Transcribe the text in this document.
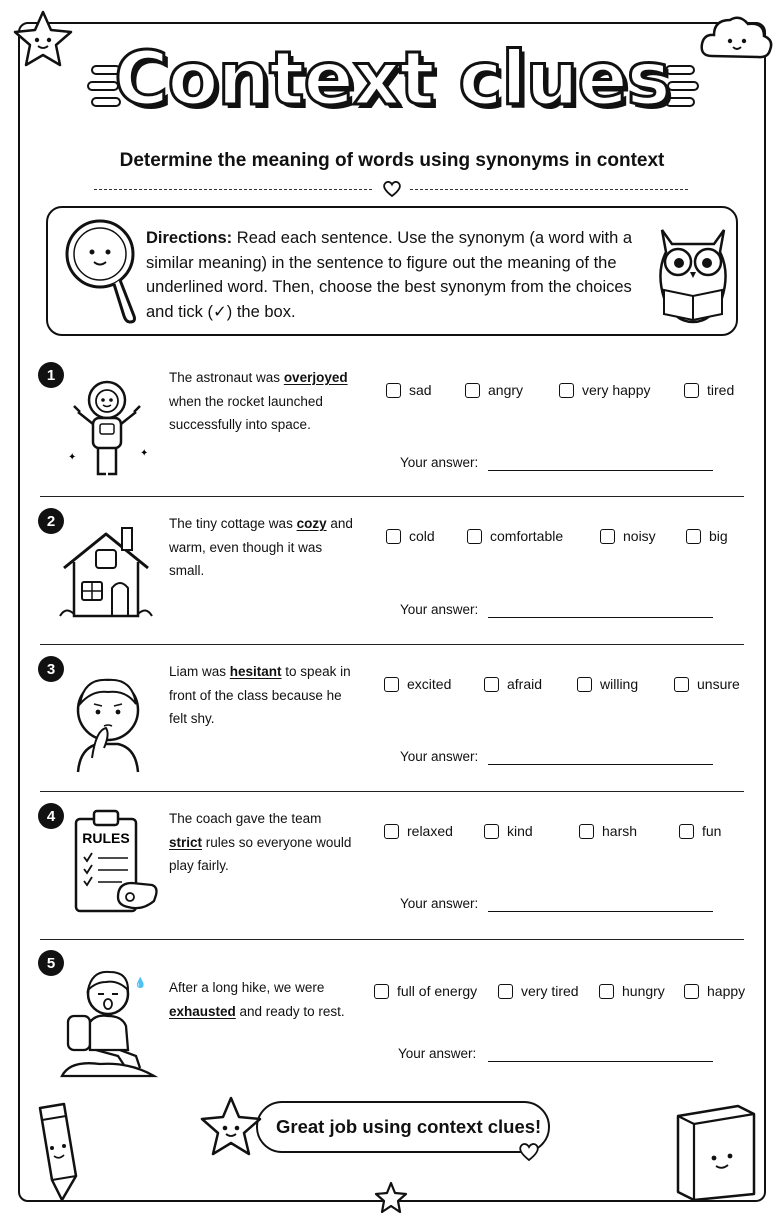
Context clues
Determine the meaning of words using synonyms in context
Directions: Read each sentence. Use the synonym (a word with a similar meaning) in the sentence to figure out the meaning of the underlined word. Then, choose the best synonym from the choices and tick (✓) the box.
1
✦	✦
The astronaut was overjoyed when the rocket launched successfully into space.
sad	angry	very happy	tired
Your answer:
2	The tiny cottage was cozy and warm, even though it was small.
cold	comfortable	noisy	big
Your answer:
3	Liam was hesitant to speak in front of the class because he felt shy.
excited	afraid	willing	unsure
Your answer:
4
RULES
The coach gave the team strict rules so everyone would play fairly.
relaxed	kind	harsh	fun
Your answer:
5
💧 After a long hike, we were exhausted and ready to rest.
full of energy	very tired	hungry	happy
Your answer:
Great job using context clues!
